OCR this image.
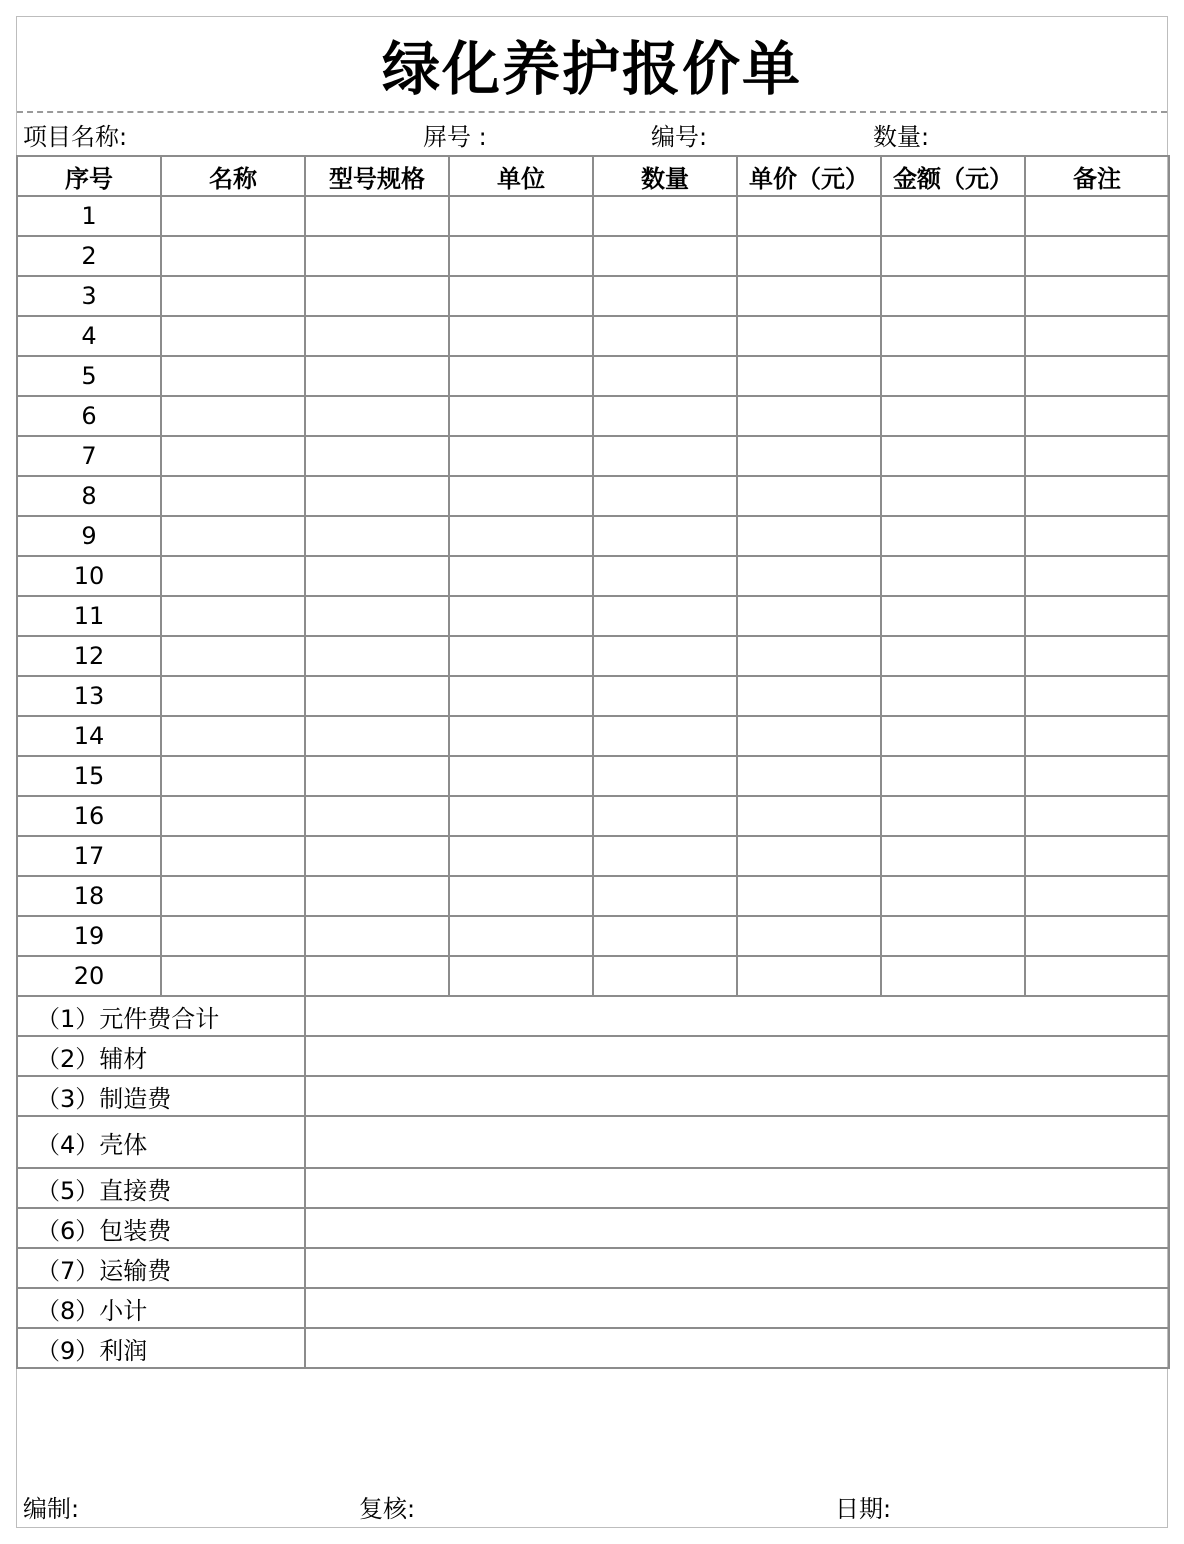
绿化养护报价单
项目名称:	屏号 :	编号:	数量:
序号	名称	型号规格	单位	数量	单价（元）	金额（元）	备注
1							
2							
3							
4							
5							
6							
7							
8							
9							
10							
11							
12							
13							
14							
15							
16							
17							
18							
19							
20							
（1）元件费合计							
（2）辅材							
（3）制造费							
（4）壳体							
（5）直接费							
（6）包装费							
（7）运输费							
（8）小计							
（9）利润							
编制:	复核:	日期:
